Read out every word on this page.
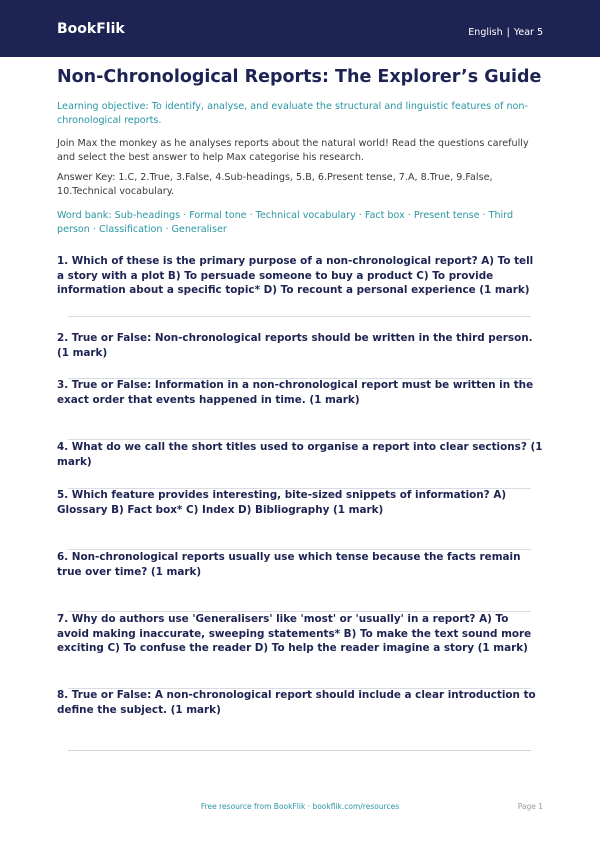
BookFlik	English | Year 5
Non-Chronological Reports: The Explorer’s Guide

Learning objective: To identify, analyse, and evaluate the structural and linguistic features of non-chronological reports.

Join Max the monkey as he analyses reports about the natural world! Read the questions carefully and select the best answer to help Max categorise his research.

Answer Key: 1.C, 2.True, 3.False, 4.Sub-headings, 5.B, 6.Present tense, 7.A, 8.True, 9.False, 10.Technical vocabulary.

Word bank: Sub-headings · Formal tone · Technical vocabulary · Fact box · Present tense · Third person · Classification · Generaliser

1. Which of these is the primary purpose of a non-chronological report? A) To tell a story with a plot B) To persuade someone to buy a product C) To provide information about a specific topic* D) To recount a personal experience (1 mark)

2. True or False: Non-chronological reports should be written in the third person. (1 mark)

3. True or False: Information in a non-chronological report must be written in the exact order that events happened in time. (1 mark)

4. What do we call the short titles used to organise a report into clear sections? (1 mark)

5. Which feature provides interesting, bite-sized snippets of information? A) Glossary B) Fact box* C) Index D) Bibliography (1 mark)

6. Non-chronological reports usually use which tense because the facts remain true over time? (1 mark)

7. Why do authors use 'Generalisers' like 'most' or 'usually' in a report? A) To avoid making inaccurate, sweeping statements* B) To make the text sound more exciting C) To confuse the reader D) To help the reader imagine a story (1 mark)

8. True or False: A non-chronological report should include a clear introduction to define the subject. (1 mark)

Free resource from BookFlik · bookflik.com/resources	Page 1
